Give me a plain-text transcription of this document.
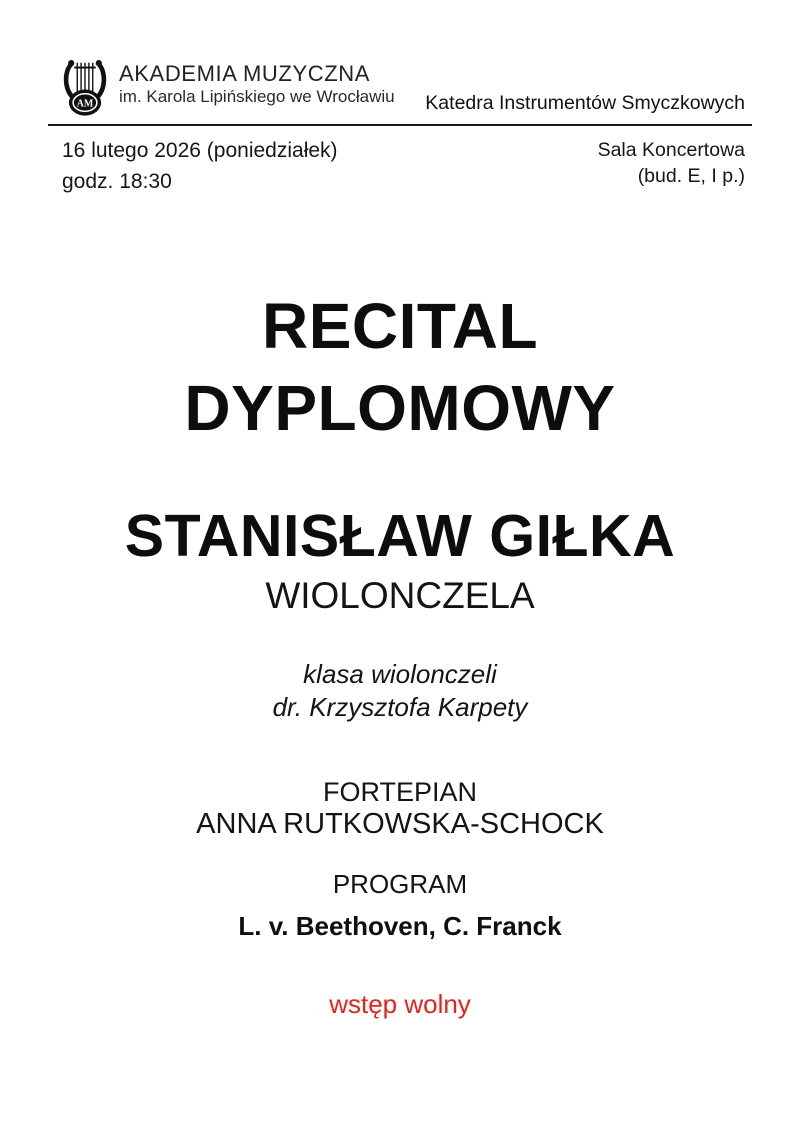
AM
AKADEMIA MUZYCZNA
im. Karola Lipińskiego we Wrocławiu Katedra Instrumentów Smyczkowych
16 lutego 2026 (poniedziałek)
godz. 18:30
Sala Koncertowa
(bud. E, I p.)
RECITAL
DYPLOMOWY
STANISŁAW GIŁKA
WIOLONCZELA
klasa wiolonczeli
dr. Krzysztofa Karpety
FORTEPIAN
ANNA RUTKOWSKA-SCHOCK
PROGRAM
L. v. Beethoven, C. Franck
wstęp wolny
